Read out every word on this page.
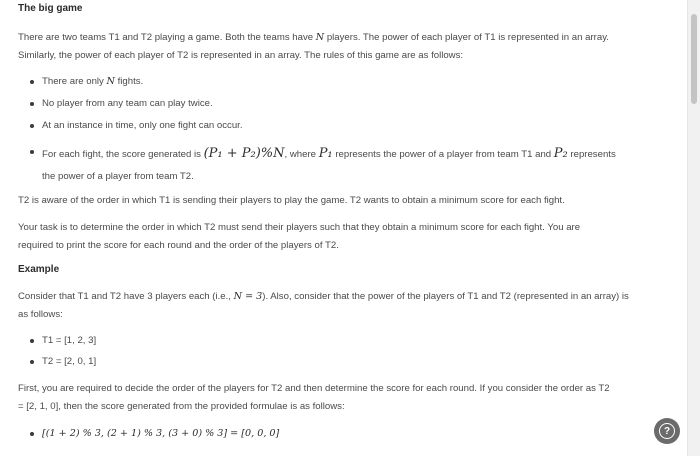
The big game
There are two teams T1 and T2 playing a game. Both the teams have N players. The power of each player of T1 is represented in an array.
Similarly, the power of each player of T2 is represented in an array. The rules of this game are as follows:
There are only N fights.
No player from any team can play twice.
At an instance in time, only one fight can occur.
For each fight, the score generated is (P₁ + P₂)%N, where P₁ represents the power of a player from team T1 and P₂ represents
the power of a player from team T2.
T2 is aware of the order in which T1 is sending their players to play the game. T2 wants to obtain a minimum score for each fight.
Your task is to determine the order in which T2 must send their players such that they obtain a minimum score for each fight. You are
required to print the score for each round and the order of the players of T2.
Example
Consider that T1 and T2 have 3 players each (i.e., N = 3). Also, consider that the power of the players of T1 and T2 (represented in an array) is
as follows:
T1 = [1, 2, 3]
T2 = [2, 0, 1]
First, you are required to decide the order of the players for T2 and then determine the score for each round. If you consider the order as T2
= [2, 1, 0], then the score generated from the provided formulae is as follows:
[(1 + 2) % 3, (2 + 1) % 3, (3 + 0) % 3] = [0, 0, 0]	?
